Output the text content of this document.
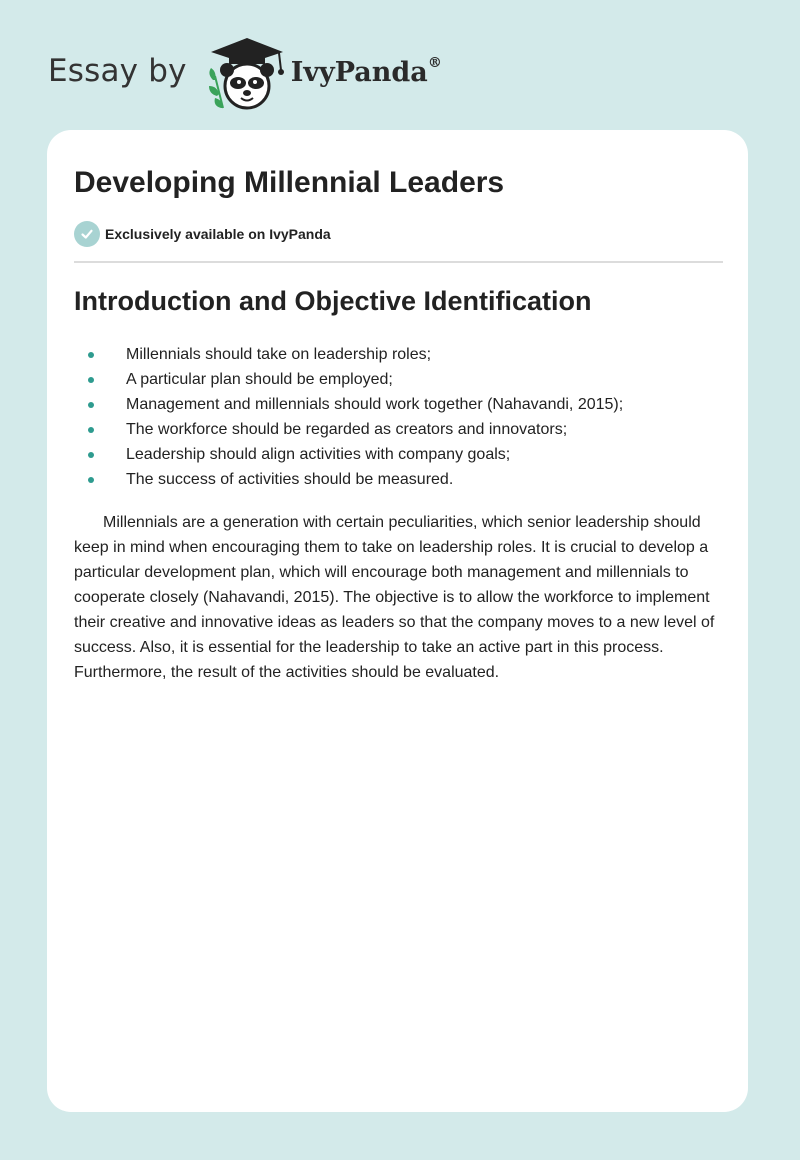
Essay by	IvyPanda®
Developing Millennial Leaders
Exclusively available on IvyPanda
Introduction and Objective Identification
Millennials should take on leadership roles;
A particular plan should be employed;
Management and millennials should work together (Nahavandi, 2015);
The workforce should be regarded as creators and innovators;
Leadership should align activities with company goals;
The success of activities should be measured.

Millennials are a generation with certain peculiarities, which senior leadership should keep in mind when encouraging them to take on leadership roles. It is crucial to develop a particular development plan, which will encourage both management and millennials to cooperate closely (Nahavandi, 2015). The objective is to allow the workforce to implement their creative and innovative ideas as leaders so that the company moves to a new level of success. Also, it is essential for the leadership to take an active part in this process. Furthermore, the result of the activities should be evaluated.
